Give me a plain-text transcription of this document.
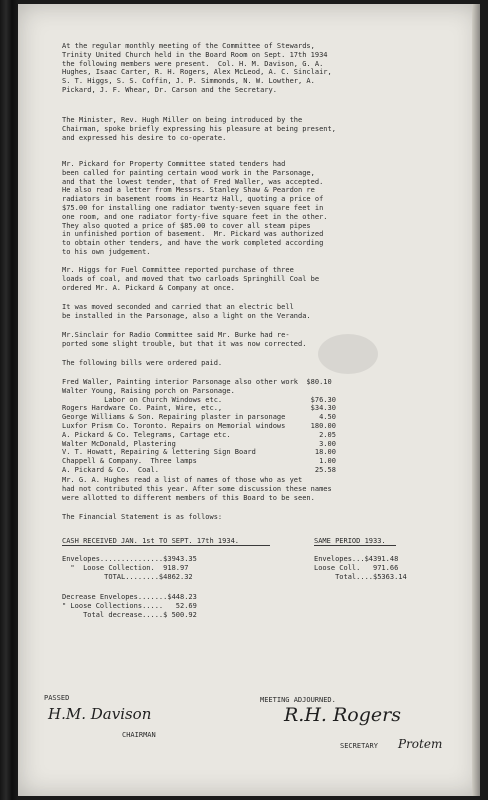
At the regular monthly meeting of the Committee of Stewards,
Trinity United Church held in the Board Room on Sept. 17th 1934
the following members were present.  Col. H. M. Davison, G. A.
Hughes, Isaac Carter, R. H. Rogers, Alex McLeod, A. C. Sinclair,
S. T. Higgs, S. S. Coffin, J. P. Simmonds, N. W. Lowther, A.
Pickard, J. F. Whear, Dr. Carson and the Secretary.
The Minister, Rev. Hugh Miller on being introduced by the
Chairman, spoke briefly expressing his pleasure at being present,
and expressed his desire to co-operate.
Mr. Pickard for Property Committee stated tenders had
been called for painting certain wood work in the Parsonage,
and that the lowest tender, that of Fred Waller, was accepted.
He also read a letter from Messrs. Stanley Shaw & Peardon re
radiators in basement rooms in Heartz Hall, quoting a price of
$75.00 for installing one radiator twenty-seven square feet in
one room, and one radiator forty-five square feet in the other.
They also quoted a price of $85.00 to cover all steam pipes
in unfinished portion of basement.  Mr. Pickard was authorized
to obtain other tenders, and have the work completed according
to his own judgement.
Mr. Higgs for Fuel Committee reported purchase of three
loads of coal, and moved that two carloads Springhill Coal be
ordered Mr. A. Pickard & Company at once.
It was moved seconded and carried that an electric bell
be installed in the Parsonage, also a light on the Veranda.
Mr.Sinclair for Radio Committee said Mr. Burke had re-
ported some slight trouble, but that it was now corrected.
The following bills were ordered paid.
Fred Waller, Painting interior Parsonage also other work  $80.10
Walter Young, Raising porch on Parsonage.
Labor on Church Windows etc.                     $76.30
Rogers Hardware Co. Paint, Wire, etc.,                     $34.30
George Williams & Son. Repairing plaster in parsonage        4.50
Luxfor Prism Co. Toronto. Repairs on Memorial windows      180.00
A. Pickard & Co. Telegrams, Cartage etc.                     2.05
Walter McDonald, Plastering                                  3.00
V. T. Howatt, Repairing & lettering Sign Board              18.00
Chappell & Company.  Three lamps                             1.00
A. Pickard & Co.  Coal.                                     25.58
Mr. G. A. Hughes read a list of names of those who as yet
had not contributed this year. After some discussion these names
were allotted to different members of this Board to be seen.
The Financial Statement is as follows:
CASH RECEIVED JAN. 1st TO SEPT. 17th 1934.	SAME PERIOD 1933.
Envelopes...............$3943.35
"  Loose Collection.  918.97
TOTAL........$4862.32
Envelopes...$4391.48
Loose Coll.   971.66
Total....$5363.14
Decrease Envelopes.......$448.23
" Loose Collections.....   52.69
Total decrease.....$ 500.92
PASSED
H.M. Davison
CHAIRMAN
MEETING ADJOURNED.
R.H. Rogers
SECRETARY	Protem
